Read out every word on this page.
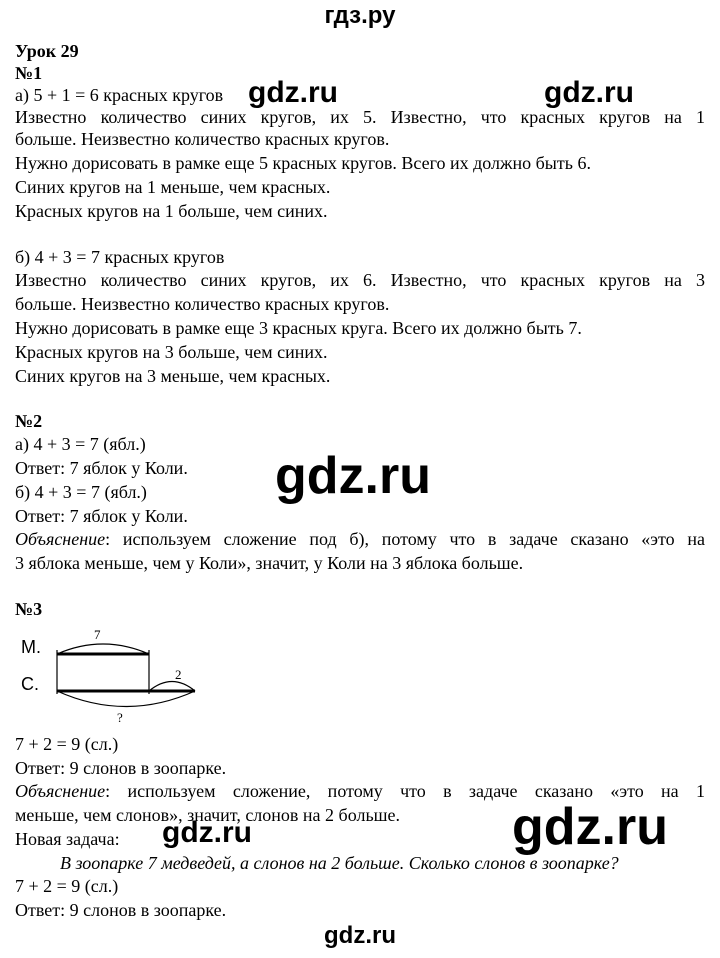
гдз.ру
Урок 29
№1
а) 5 + 1 = 6 красных кругов
Известно количество синих кругов, их 5. Известно, что красных кругов на 1
больше. Неизвестно количество красных кругов.
Нужно дорисовать в рамке еще 5 красных кругов. Всего их должно быть 6.
Синих кругов на 1 меньше, чем красных.
Красных кругов на 1 больше, чем синих.
б) 4 + 3 = 7 красных кругов
Известно количество синих кругов, их 6. Известно, что красных кругов на 3
больше. Неизвестно количество красных кругов.
Нужно дорисовать в рамке еще 3 красных круга. Всего их должно быть 7.
Красных кругов на 3 больше, чем синих.
Синих кругов на 3 меньше, чем красных.
№2
а) 4 + 3 = 7 (ябл.)
Ответ: 7 яблок у Коли.
б) 4 + 3 = 7 (ябл.)
Ответ: 7 яблок у Коли.
Объяснение: используем сложение под б), потому что в задаче сказано «это на
3 яблока меньше, чем у Коли», значит, у Коли на 3 яблока больше.
№3
М.
С.
7
2
?
7 + 2 = 9 (сл.)
Ответ: 9 слонов в зоопарке.
Объяснение: используем сложение, потому что в задаче сказано «это на 1
меньше, чем слонов», значит, слонов на 2 больше.
Новая задача:
В зоопарке 7 медведей, а слонов на 2 больше. Сколько слонов в зоопарке?
7 + 2 = 9 (сл.)
Ответ: 9 слонов в зоопарке.
gdz.ru	gdz.ru
gdz.ru
gdz.ru	gdz.ru
gdz.ru
